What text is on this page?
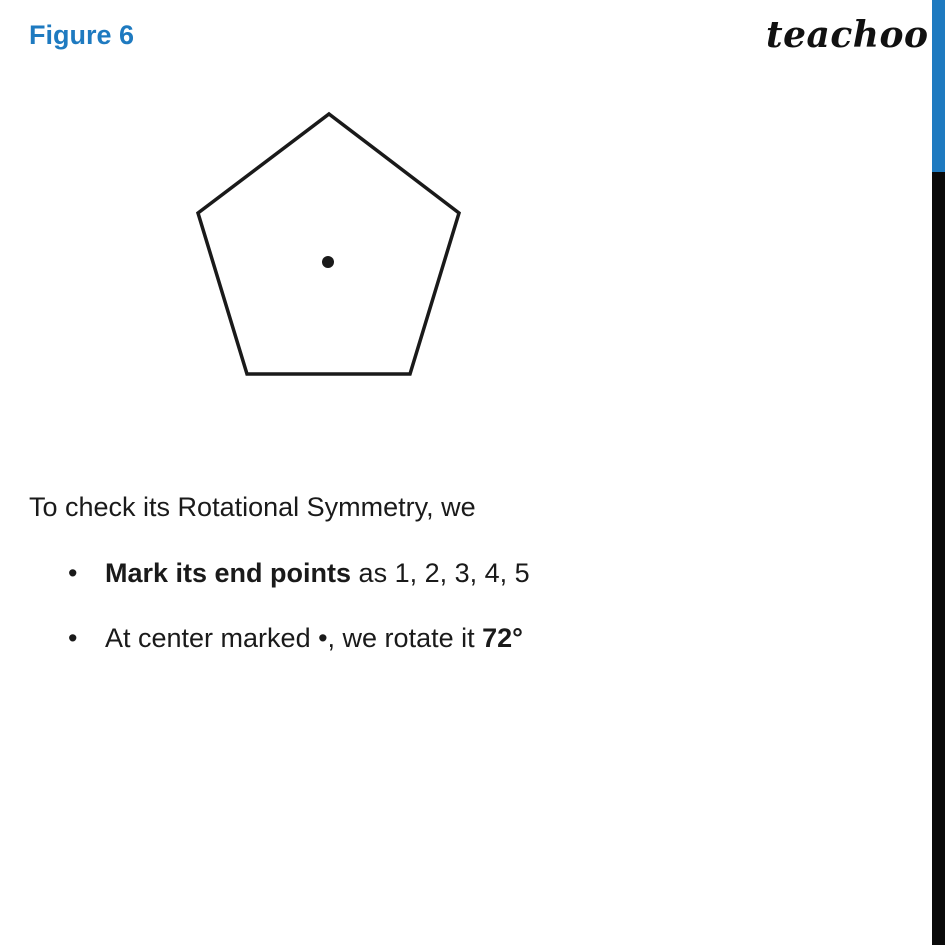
Figure 6	teachoo
To check its Rotational Symmetry, we
• Mark its end points as 1, 2, 3, 4, 5
• At center marked •, we rotate it 72°
